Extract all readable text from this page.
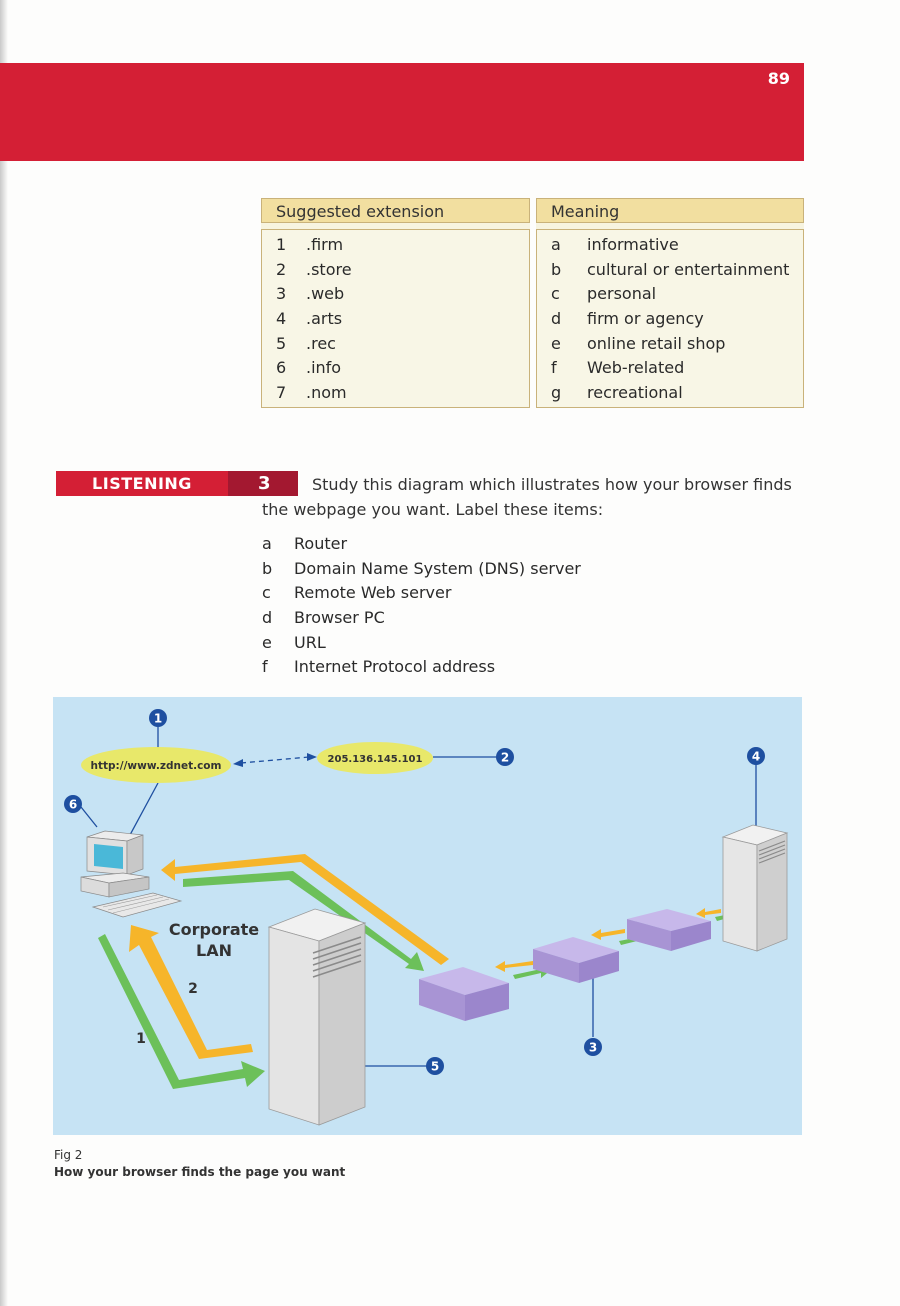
89
Suggested extension
1 .firm
2 .store
3 .web
4 .arts
5 .rec
6 .info
7 .nom
Meaning
a informative
b cultural or entertainment
c personal
d firm or agency
e online retail shop
f Web-related
g recreational
LISTENING	3	Study this diagram which illustrates how your browser finds the webpage you want. Label these items:
a Router
b Domain Name System (DNS) server
c Remote Web server
d Browser PC
e URL
f Internet Protocol address
http://www.zdnet.com
205.136.145.101
Corporate
LAN
2
1
1
2
3
4
5
6
Fig 2
How your browser finds the page you want
